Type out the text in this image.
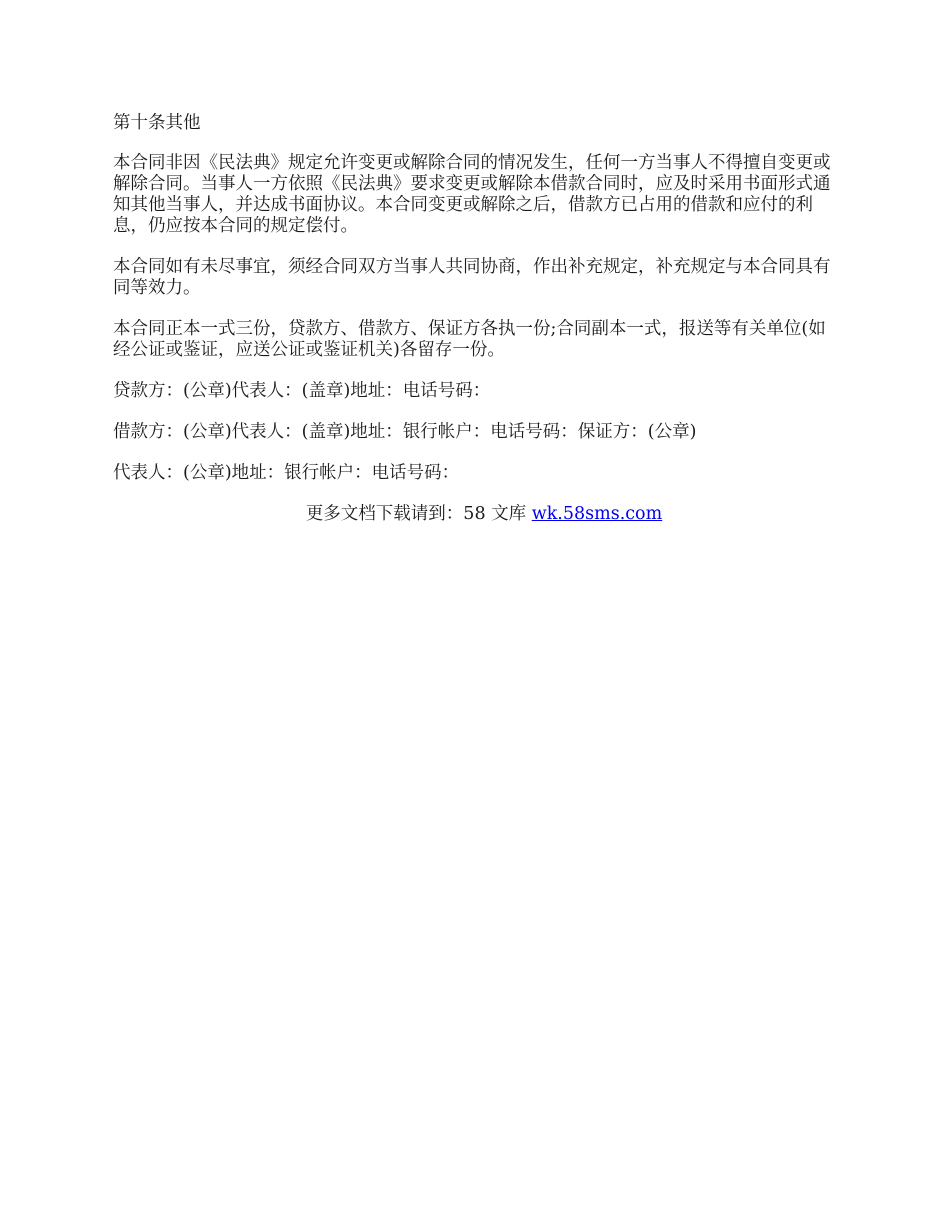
第十条其他

本合同非因《民法典》规定允许变更或解除合同的情况发生，任何一方当事人不得擅自变更或解除合同。当事人一方依照《民法典》要求变更或解除本借款合同时，应及时采用书面形式通知其他当事人，并达成书面协议。本合同变更或解除之后，借款方已占用的借款和应付的利息，仍应按本合同的规定偿付。

本合同如有未尽事宜，须经合同双方当事人共同协商，作出补充规定，补充规定与本合同具有同等效力。

本合同正本一式三份，贷款方、借款方、保证方各执一份;合同副本一式，报送等有关单位(如经公证或鉴证，应送公证或鉴证机关)各留存一份。

贷款方：(公章)代表人：(盖章)地址：电话号码：

借款方：(公章)代表人：(盖章)地址：银行帐户：电话号码：保证方：(公章)

代表人：(公章)地址：银行帐户：电话号码：

更多文档下载请到：58 文库 wk.58sms.com
